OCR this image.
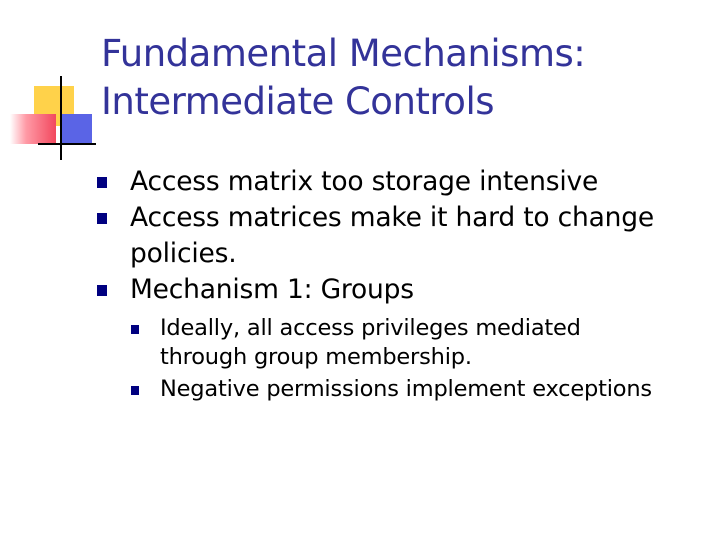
Fundamental Mechanisms:
Intermediate Controls
Access matrix too storage intensive
Access matrices make it hard to change
policies.
Mechanism 1: Groups
Ideally, all access privileges mediated
through group membership.
Negative permissions implement exceptions
